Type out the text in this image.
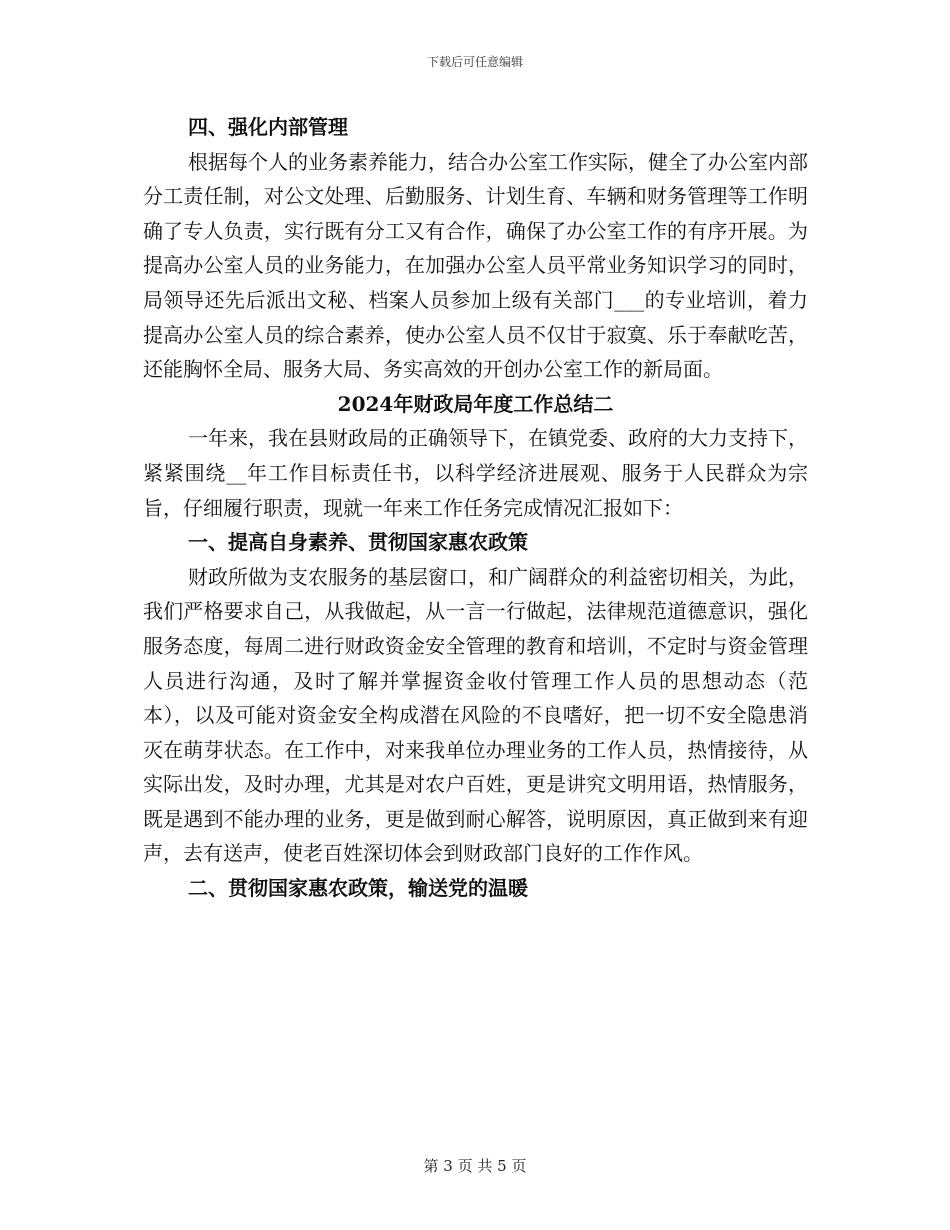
下载后可任意编辑

四、强化内部管理

根据每个人的业务素养能力，结合办公室工作实际，健全了办公室内部分工责任制，对公文处理、后勤服务、计划生育、车辆和财务管理等工作明确了专人负责，实行既有分工又有合作，确保了办公室工作的有序开展。为提高办公室人员的业务能力，在加强办公室人员平常业务知识学习的同时，局领导还先后派出文秘、档案人员参加上级有关部门___的专业培训，着力提高办公室人员的综合素养，使办公室人员不仅甘于寂寞、乐于奉献吃苦，还能胸怀全局、服务大局、务实高效的开创办公室工作的新局面。

2024年财政局年度工作总结二

一年来，我在县财政局的正确领导下，在镇党委、政府的大力支持下，紧紧围绕__年工作目标责任书，以科学经济进展观、服务于人民群众为宗旨，仔细履行职责，现就一年来工作任务完成情况汇报如下：

一、提高自身素养、贯彻国家惠农政策

财政所做为支农服务的基层窗口，和广阔群众的利益密切相关，为此，我们严格要求自己，从我做起，从一言一行做起，法律规范道德意识，强化服务态度，每周二进行财政资金安全管理的教育和培训，不定时与资金管理人员进行沟通，及时了解并掌握资金收付管理工作人员的思想动态（范本），以及可能对资金安全构成潜在风险的不良嗜好，把一切不安全隐患消灭在萌芽状态。在工作中，对来我单位办理业务的工作人员，热情接待，从实际出发，及时办理，尤其是对农户百姓，更是讲究文明用语，热情服务，既是遇到不能办理的业务，更是做到耐心解答，说明原因，真正做到来有迎声，去有送声，使老百姓深切体会到财政部门良好的工作作风。

二、贯彻国家惠农政策，输送党的温暖

第 3 页 共 5 页
